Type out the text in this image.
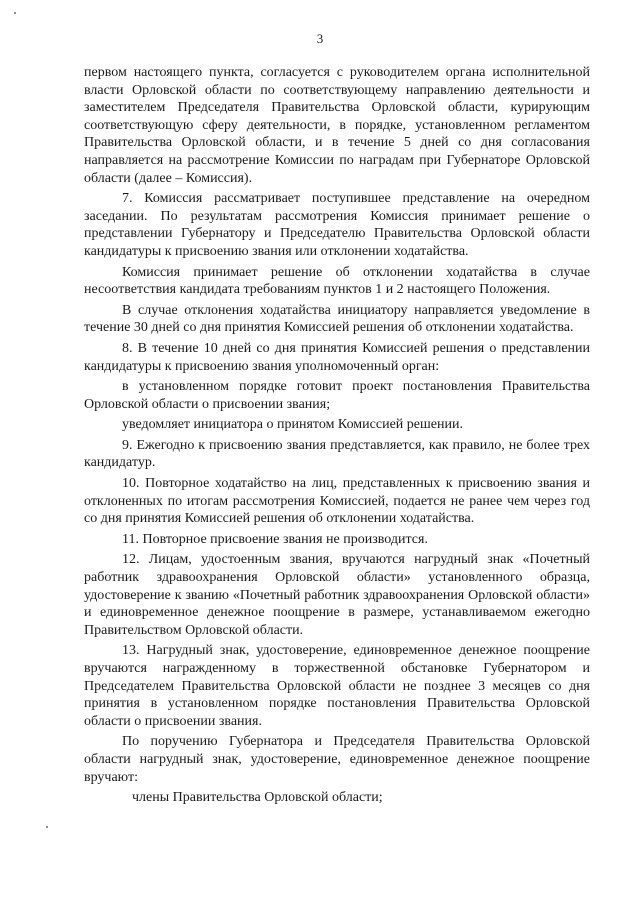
3

первом настоящего пункта, согласуется с руководителем органа исполнительной власти Орловской области по соответствующему направлению деятельности и заместителем Председателя Правительства Орловской области, курирующим соответствующую сферу деятельности, в порядке, установленном регламентом Правительства Орловской области, и в течение 5 дней со дня согласования направляется на рассмотрение Комиссии по наградам при Губернаторе Орловской области (далее – Комиссия).

7. Комиссия рассматривает поступившее представление на очередном заседании. По результатам рассмотрения Комиссия принимает решение о представлении Губернатору и Председателю Правительства Орловской области кандидатуры к присвоению звания или отклонении ходатайства.

Комиссия принимает решение об отклонении ходатайства в случае несоответствия кандидата требованиям пунктов 1 и 2 настоящего Положения.

В случае отклонения ходатайства инициатору направляется уведомление в течение 30 дней со дня принятия Комиссией решения об отклонении ходатайства.

8. В течение 10 дней со дня принятия Комиссией решения о представлении кандидатуры к присвоению звания уполномоченный орган:

в установленном порядке готовит проект постановления Правительства Орловской области о присвоении звания;

уведомляет инициатора о принятом Комиссией решении.

9. Ежегодно к присвоению звания представляется, как правило, не более трех кандидатур.

10. Повторное ходатайство на лиц, представленных к присвоению звания и отклоненных по итогам рассмотрения Комиссией, подается не ранее чем через год со дня принятия Комиссией решения об отклонении ходатайства.

11. Повторное присвоение звания не производится.

12. Лицам, удостоенным звания, вручаются нагрудный знак «Почетный работник здравоохранения Орловской области» установленного образца, удостоверение к званию «Почетный работник здравоохранения Орловской области» и единовременное денежное поощрение в размере, устанавливаемом ежегодно Правительством Орловской области.

13. Нагрудный знак, удостоверение, единовременное денежное поощрение вручаются награжденному в торжественной обстановке Губернатором и Председателем Правительства Орловской области не позднее 3 месяцев со дня принятия в установленном порядке постановления Правительства Орловской области о присвоении звания.

По поручению Губернатора и Председателя Правительства Орловской области нагрудный знак, удостоверение, единовременное денежное поощрение вручают:

члены Правительства Орловской области;
